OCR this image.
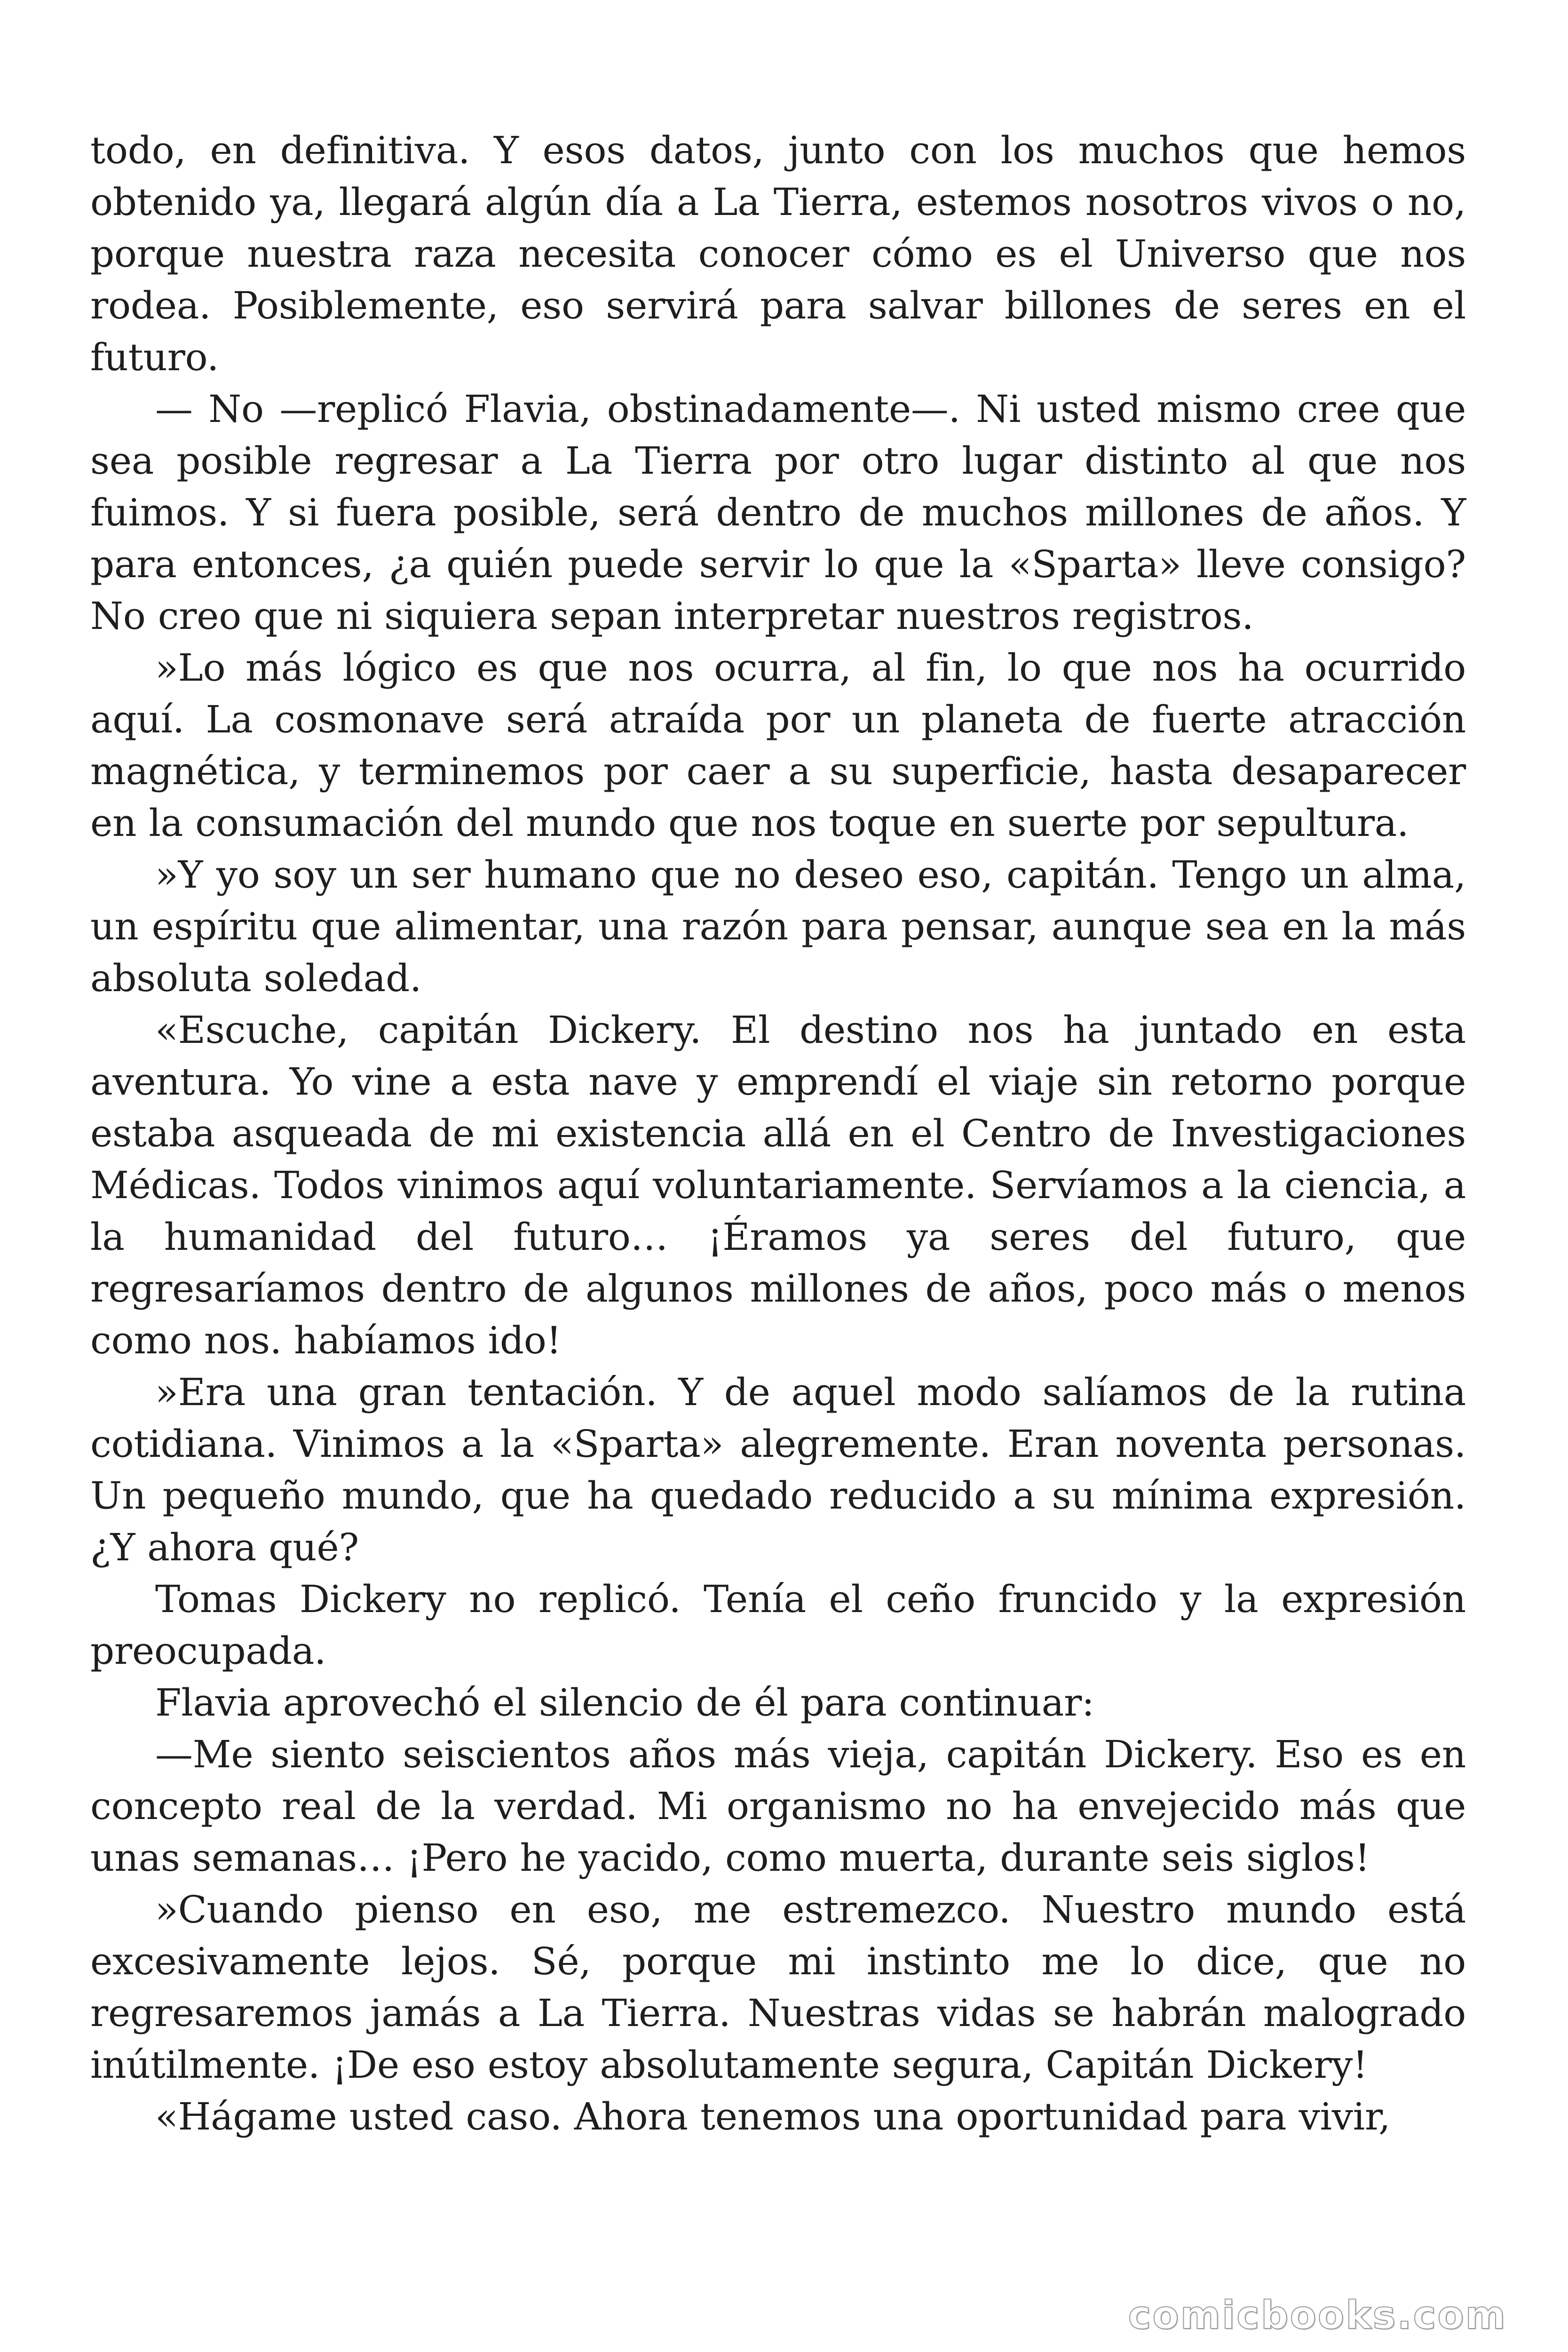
todo, en definitiva. Y esos datos, junto con los muchos que hemos obtenido ya, llegará algún día a La Tierra, estemos nosotros vivos o no, porque nuestra raza necesita conocer cómo es el Universo que nos rodea. Posiblemente, eso servirá para salvar billones de seres en el futuro.

— No —replicó Flavia, obstinadamente—. Ni usted mismo cree que sea posible regresar a La Tierra por otro lugar distinto al que nos fuimos. Y si fuera posible, será dentro de muchos millones de años. Y para entonces, ¿a quién puede servir lo que la «Sparta» lleve consigo? No creo que ni siquiera sepan interpretar nuestros registros.

»Lo más lógico es que nos ocurra, al fin, lo que nos ha ocurrido aquí. La cosmonave será atraída por un planeta de fuerte atracción magnética, y terminemos por caer a su superficie, hasta desaparecer en la consumación del mundo que nos toque en suerte por sepultura.

»Y yo soy un ser humano que no deseo eso, capitán. Tengo un alma, un espíritu que alimentar, una razón para pensar, aunque sea en la más absoluta soledad.

«Escuche, capitán Dickery. El destino nos ha juntado en esta aventura. Yo vine a esta nave y emprendí el viaje sin retorno porque estaba asqueada de mi existencia allá en el Centro de Investigaciones Médicas. Todos vinimos aquí voluntariamente. Servíamos a la ciencia, a la humanidad del futuro… ¡Éramos ya seres del futuro, que regresaríamos dentro de algunos millones de años, poco más o menos como nos. habíamos ido!

»Era una gran tentación. Y de aquel modo salíamos de la rutina cotidiana. Vinimos a la «Sparta» alegremente. Eran noventa personas. Un pequeño mundo, que ha quedado reducido a su mínima expresión. ¿Y ahora qué?

Tomas Dickery no replicó. Tenía el ceño fruncido y la expresión preocupada.

Flavia aprovechó el silencio de él para continuar:

—Me siento seiscientos años más vieja, capitán Dickery. Eso es en concepto real de la verdad. Mi organismo no ha envejecido más que unas semanas… ¡Pero he yacido, como muerta, durante seis siglos!

»Cuando pienso en eso, me estremezco. Nuestro mundo está excesivamente lejos. Sé, porque mi instinto me lo dice, que no regresaremos jamás a La Tierra. Nuestras vidas se habrán malogrado inútilmente. ¡De eso estoy absolutamente segura, Capitán Dickery!

«Hágame usted caso. Ahora tenemos una oportunidad para vivir,

comicbooks.com
